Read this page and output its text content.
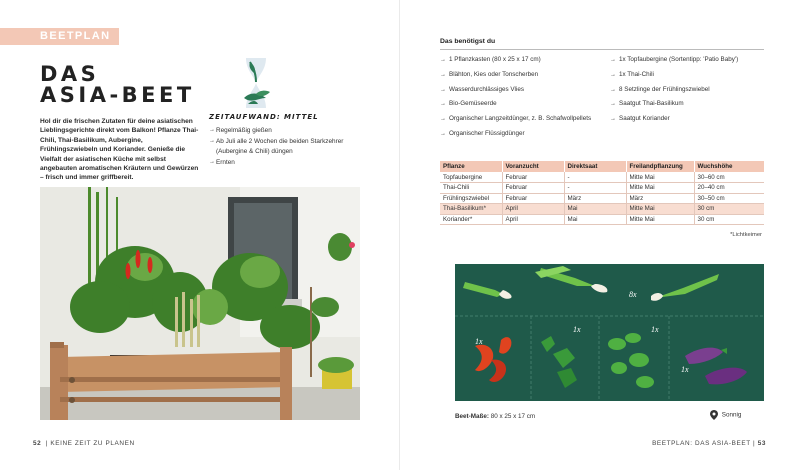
BEETPLAN
DAS
ASIA-BEET

Hol dir die frischen Zutaten für deine asiatischen Lieblingsgerichte direkt vom Balkon! Pflanze Thai-Chili, Thai-Basilikum, Aubergine, Frühlingszwiebeln und Koriander. Genieße die Vielfalt der asiatischen Küche mit selbst angebauten aromatischen Kräutern und Gewürzen – frisch und immer griffbereit.

ZEITAUFWAND: MITTEL
→ Regelmäßig gießen
→ Ab Juli alle 2 Wochen die beiden Starkzehrer (Aubergine & Chili) düngen
→ Ernten
52 | KEINE ZEIT ZU PLANEN
Das benötigst du
→ 1 Pflanzkasten (80 x 25 x 17 cm)
→ Blähton, Kies oder Tonscherben
→ Wasserdurchlässiges Vlies
→ Bio-Gemüseerde
→ Organischer Langzeitdünger, z. B. Schafwollpellets
→ Organischer Flüssigdünger
→ 1x Topfaubergine (Sortentipp: 'Patio Baby')
→ 1x Thai-Chili
→ 8 Setzlinge der Frühlingszwiebel
→ Saatgut Thai-Basilikum
→ Saatgut Koriander
Pflanze	Voranzucht	Direktsaat	Freilandpflanzung	Wuchshöhe
Topfaubergine	Februar	-	Mitte Mai	30–60 cm
Thai-Chili	Februar	-	Mitte Mai	20–40 cm
Frühlingszwiebel	Februar	März	März	30–50 cm
Thai-Basilikum*	April	Mai	Mitte Mai	30 cm
Koriander*	April	Mai	Mitte Mai	30 cm
BEETPLAN: DAS ASIA-BEET | 53
*Lichtkeimer
8x
1x
1x	1x
1x
Beet-Maße: 80 x 25 x 17 cm	Sonnig
